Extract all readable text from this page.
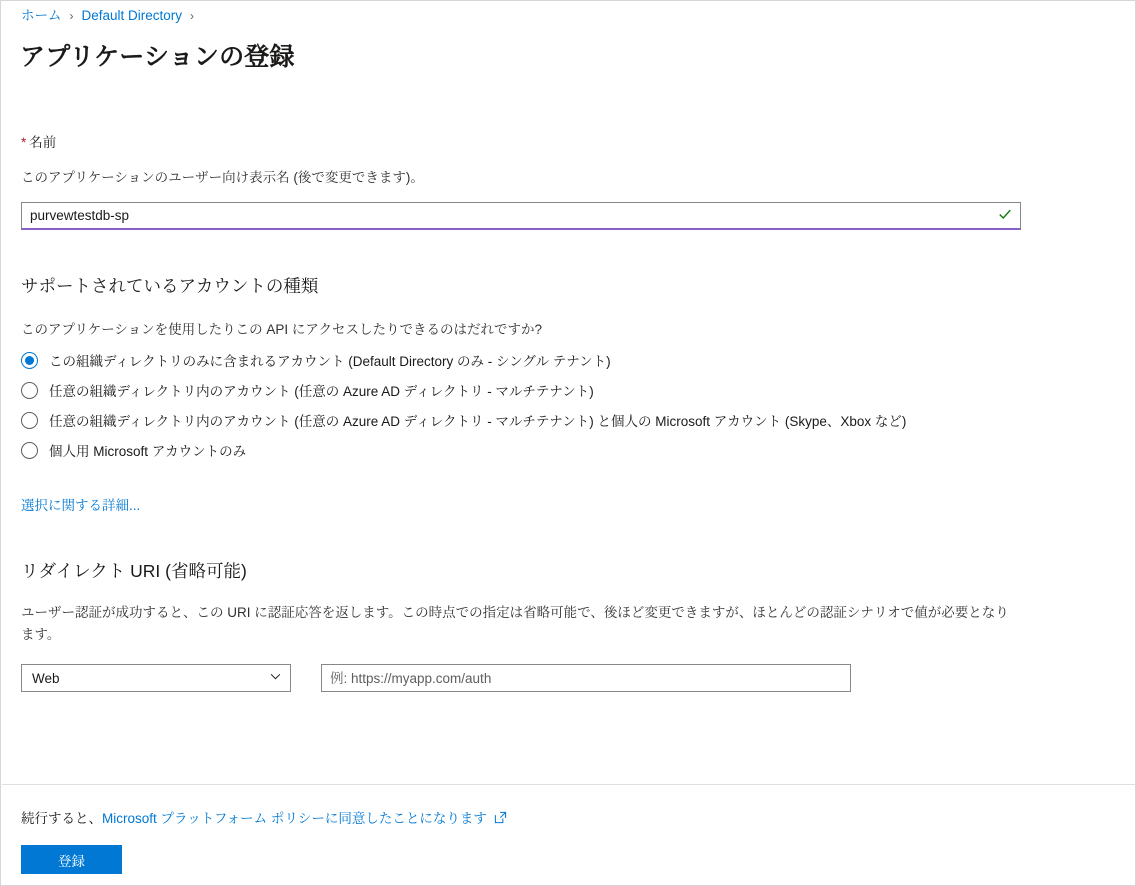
ホーム › Default Directory ›
アプリケーションの登録
* 名前
このアプリケーションのユーザー向け表示名 (後で変更できます)。
purvewtestdb-sp
サポートされているアカウントの種類
このアプリケーションを使用したりこの API にアクセスしたりできるのはだれですか?
この組織ディレクトリのみに含まれるアカウント (Default Directory のみ - シングル テナント)
任意の組織ディレクトリ内のアカウント (任意の Azure AD ディレクトリ - マルチテナント)
任意の組織ディレクトリ内のアカウント (任意の Azure AD ディレクトリ - マルチテナント) と個人の Microsoft アカウント (Skype、Xbox など)
個人用 Microsoft アカウントのみ
選択に関する詳細...
リダイレクト URI (省略可能)
ユーザー認証が成功すると、この URI に認証応答を返します。この時点での指定は省略可能で、後ほど変更できますが、ほとんどの認証シナリオで値が必要となります。
Web
例: https://myapp.com/auth
続行すると、 Microsoft プラットフォーム ポリシーに同意したことになります
登録
